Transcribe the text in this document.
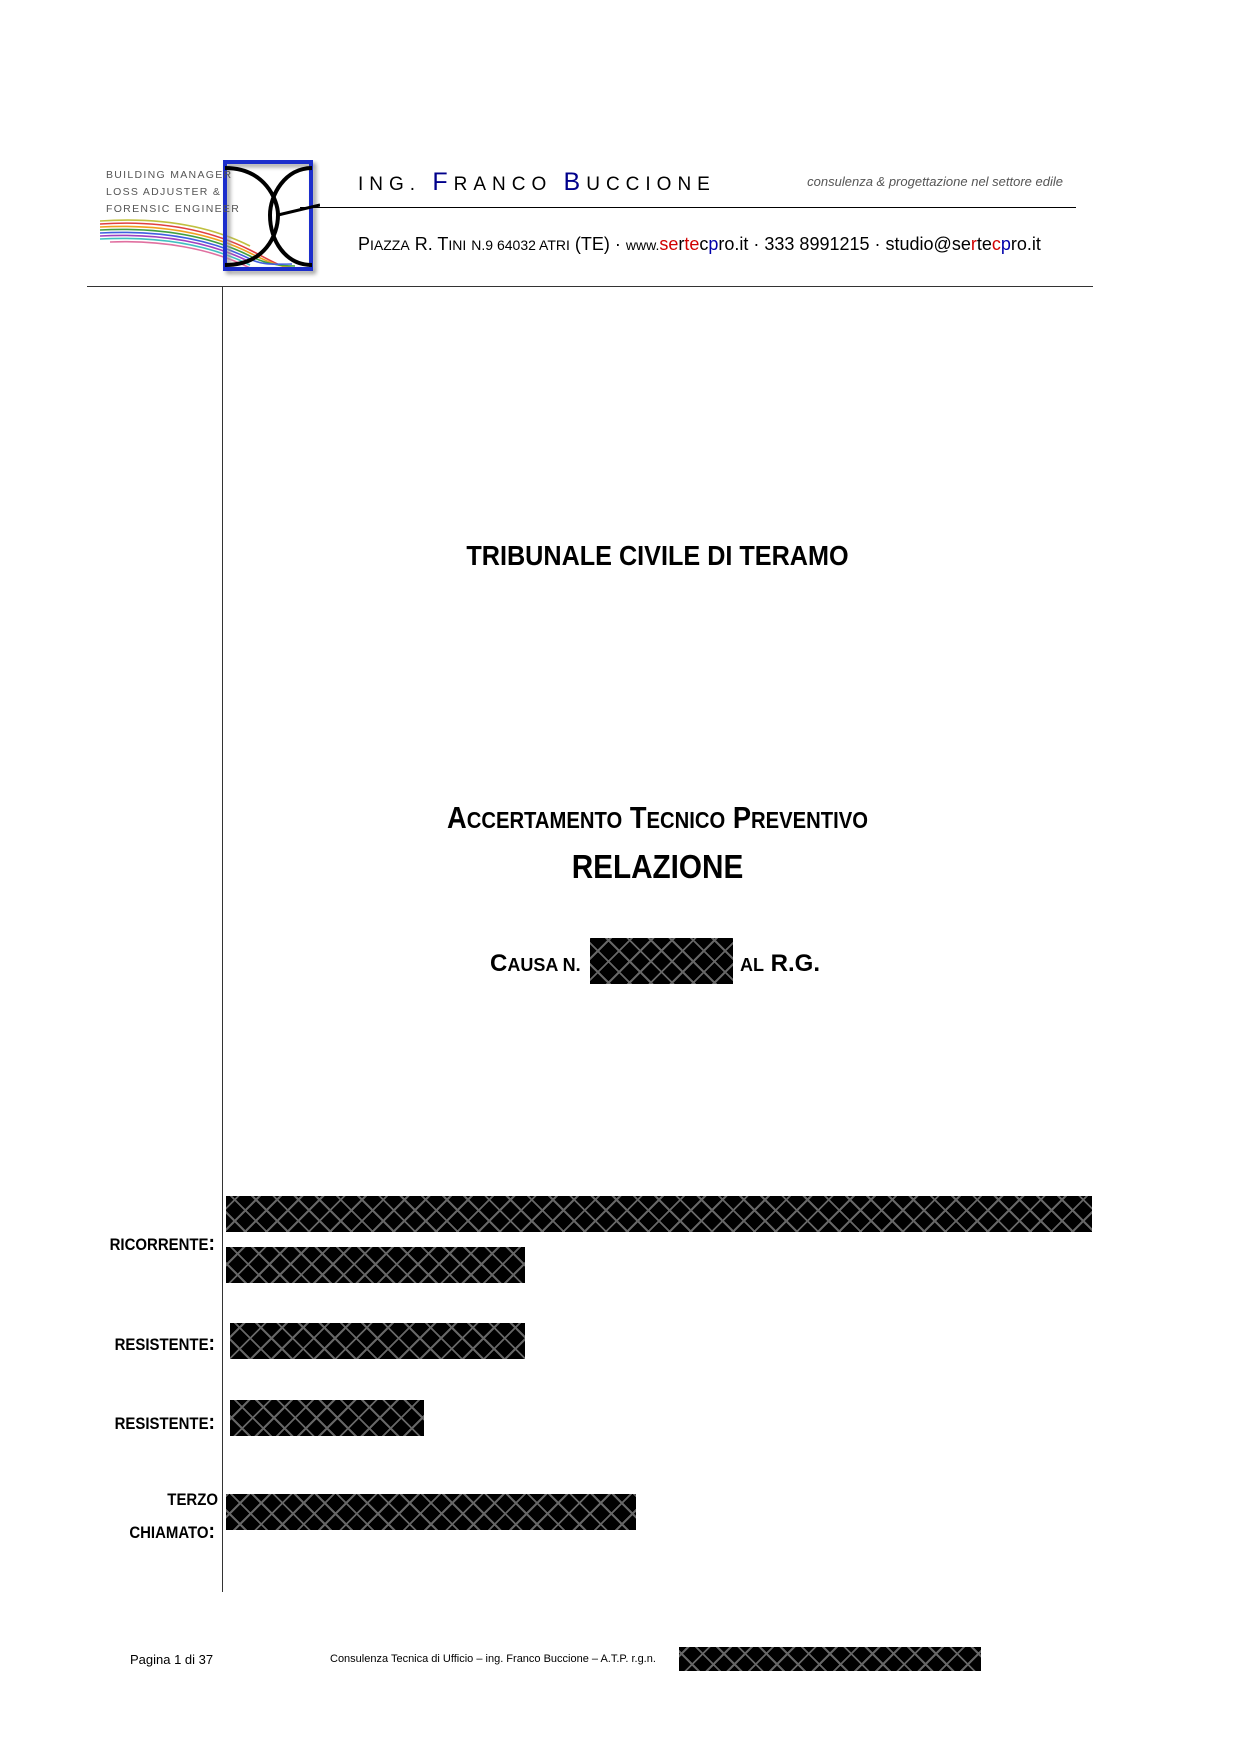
BUILDING MANAGER
LOSS ADJUSTER &
FORENSIC ENGINEER
ING. FRANCO BUCCIONE	consulenza & progettazione nel settore edile
PIAZZA R. TINI N.9 64032 ATRI (TE) · www.sertecpro.it · 333 8991215 · studio@sertecpro.it
TRIBUNALE CIVILE DI TERAMO
ACCERTAMENTO TECNICO PREVENTIVO
RELAZIONE
CAUSA N.	AL R.G.
RICORRENTE:
RESISTENTE:
RESISTENTE:
TERZO
CHIAMATO:
Pagina 1 di 37	Consulenza Tecnica di Ufficio – ing. Franco Buccione – A.T.P. r.g.n.
